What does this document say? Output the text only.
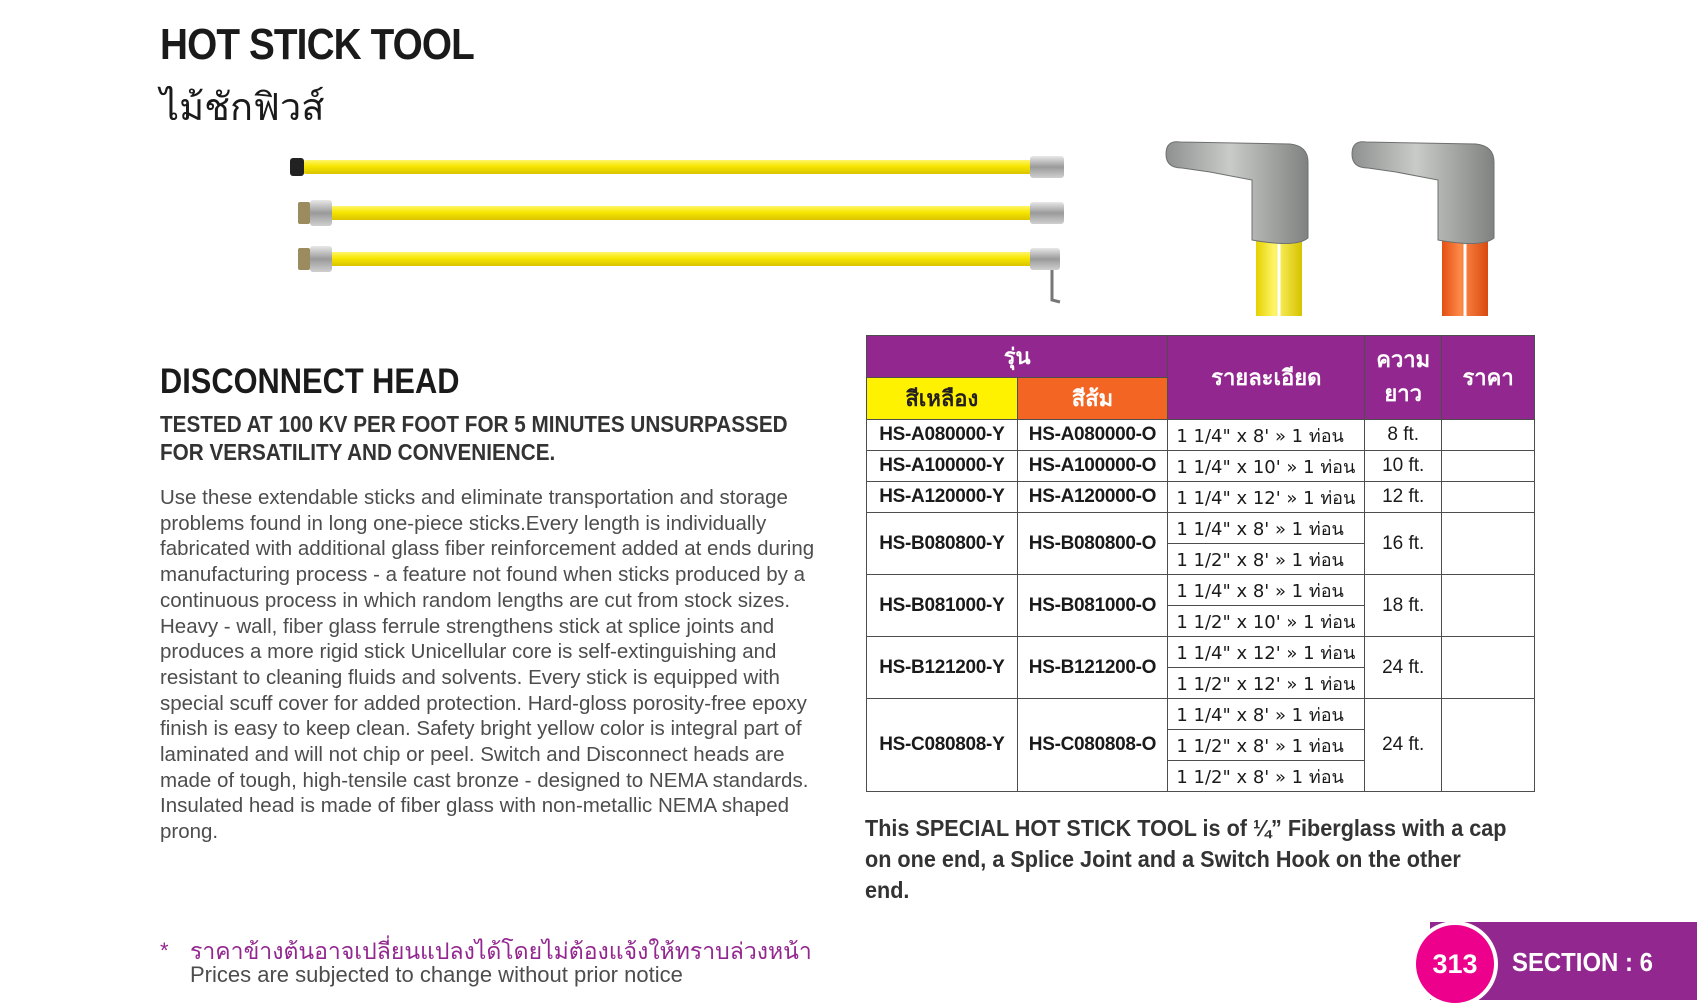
HOT STICK TOOL
ไม้ชักฟิวส์
DISCONNECT HEAD
TESTED AT 100 KV PER FOOT FOR 5 MINUTES UNSURPASSED FOR VERSATILITY AND CONVENIENCE.
Use these extendable sticks and eliminate transportation and storage problems found in long one-piece sticks.Every length is individually fabricated with additional glass fiber reinforcement added at ends during manufacturing process - a feature not found when sticks produced by a continuous process in which random lengths are cut from stock sizes. Heavy - wall, fiber glass ferrule strengthens stick at splice joints and produces a more rigid stick Unicellular core is self-extinguishing and resistant to cleaning fluids and solvents. Every stick is equipped with special scuff cover for added protection. Hard-gloss porosity-free epoxy finish is easy to keep clean. Safety bright yellow color is integral part of laminated and will not chip or peel. Switch and Disconnect heads are made of tough, high-tensile cast bronze - designed to NEMA standards. Insulated head is made of fiber glass with non-metallic NEMA shaped prong.
รุ่น		รายละเอียด	ความ
ยาว	ราคา
สีเหลือง	สีส้ม			
HS-A080000-Y	HS-A080000-O	1 1/4" x 8' » 1 ท่อน	8 ft.	
HS-A100000-Y	HS-A100000-O	1 1/4" x 10' » 1 ท่อน	10 ft.	
HS-A120000-Y	HS-A120000-O	1 1/4" x 12' » 1 ท่อน	12 ft.	
HS-B080800-Y	HS-B080800-O	1 1/4" x 8' » 1 ท่อน	16 ft.	
		1 1/2" x 8' » 1 ท่อน		
HS-B081000-Y	HS-B081000-O	1 1/4" x 8' » 1 ท่อน	18 ft.	
		1 1/2" x 10' » 1 ท่อน		
HS-B121200-Y	HS-B121200-O	1 1/4" x 12' » 1 ท่อน	24 ft.	
		1 1/2" x 12' » 1 ท่อน		
HS-C080808-Y	HS-C080808-O	1 1/4" x 8' » 1 ท่อน	24 ft.	
		1 1/2" x 8' » 1 ท่อน		
		1 1/2" x 8' » 1 ท่อน		
This SPECIAL HOT STICK TOOL is of ¼” Fiberglass with a cap on one end, a Splice Joint and a Switch Hook on the other end.
* ราคาข้างต้นอาจเปลี่ยนแปลงได้โดยไม่ต้องแจ้งให้ทราบล่วงหน้า
Prices are subjected to change without prior notice	313 SECTION : 6
